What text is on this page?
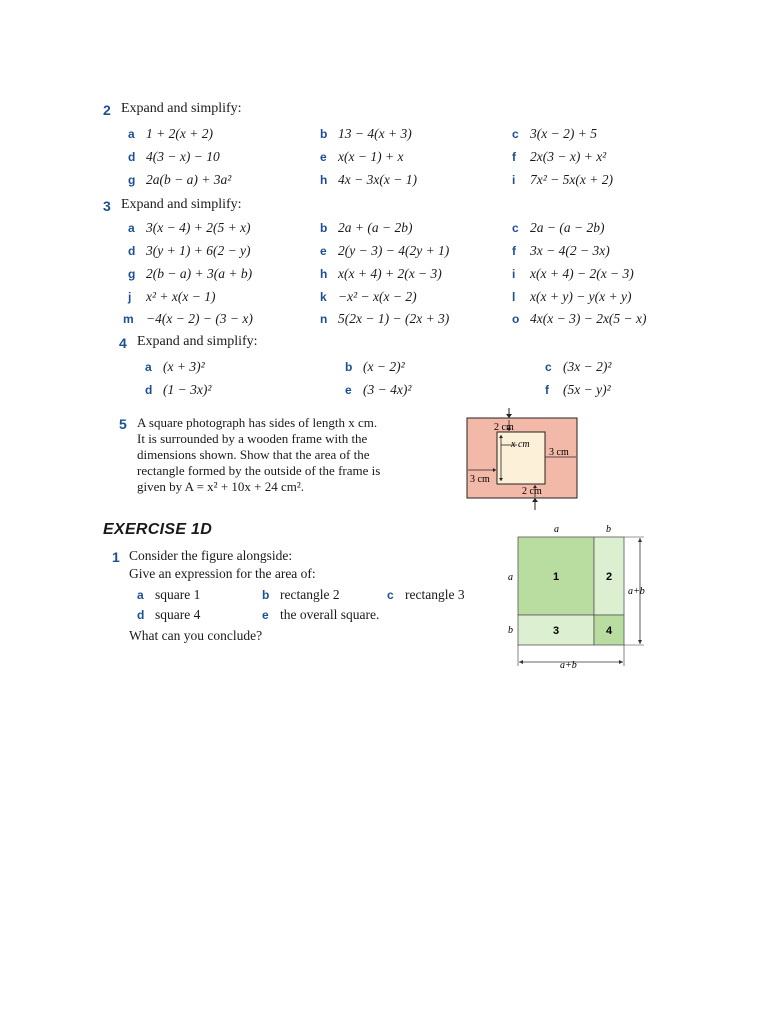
2 Expand and simplify:
a 1 + 2(x + 2)	b 13 − 4(x + 3)	c 3(x − 2) + 5
d 4(3 − x) − 10	e x(x − 1) + x	f 2x(3 − x) + x²
g 2a(b − a) + 3a²	h 4x − 3x(x − 1)	i 7x² − 5x(x + 2)
3 Expand and simplify:
a 3(x − 4) + 2(5 + x)	b 2a + (a − 2b)	c 2a − (a − 2b)
d 3(y + 1) + 6(2 − y)	e 2(y − 3) − 4(2y + 1)	f 3x − 4(2 − 3x)
g 2(b − a) + 3(a + b)	h x(x + 4) + 2(x − 3)	i x(x + 4) − 2(x − 3)
j x² + x(x − 1)	k −x² − x(x − 2)	l x(x + y) − y(x + y)
m −4(x − 2) − (3 − x)	n 5(2x − 1) − (2x + 3)	o 4x(x − 3) − 2x(5 − x)
4 Expand and simplify:
a (x + 3)²	b (x − 2)²	c (3x − 2)²
d (1 − 3x)²	e (3 − 4x)²	f (5x − y)²
5 A square photograph has sides of length x cm.
It is surrounded by a wooden frame with the
dimensions shown. Show that the area of the
rectangle formed by the outside of the frame is
given by A = x² + 10x + 24 cm².
2 cm
x cm
3 cm
3 cm
2 cm
EXERCISE 1D
1 Consider the figure alongside:
Give an expression for the area of:
a square 1	b rectangle 2	c rectangle 3
d square 4	e the overall square.
What can you conclude?
a	b
a
b
a+b
a+b
1	2
3	4
